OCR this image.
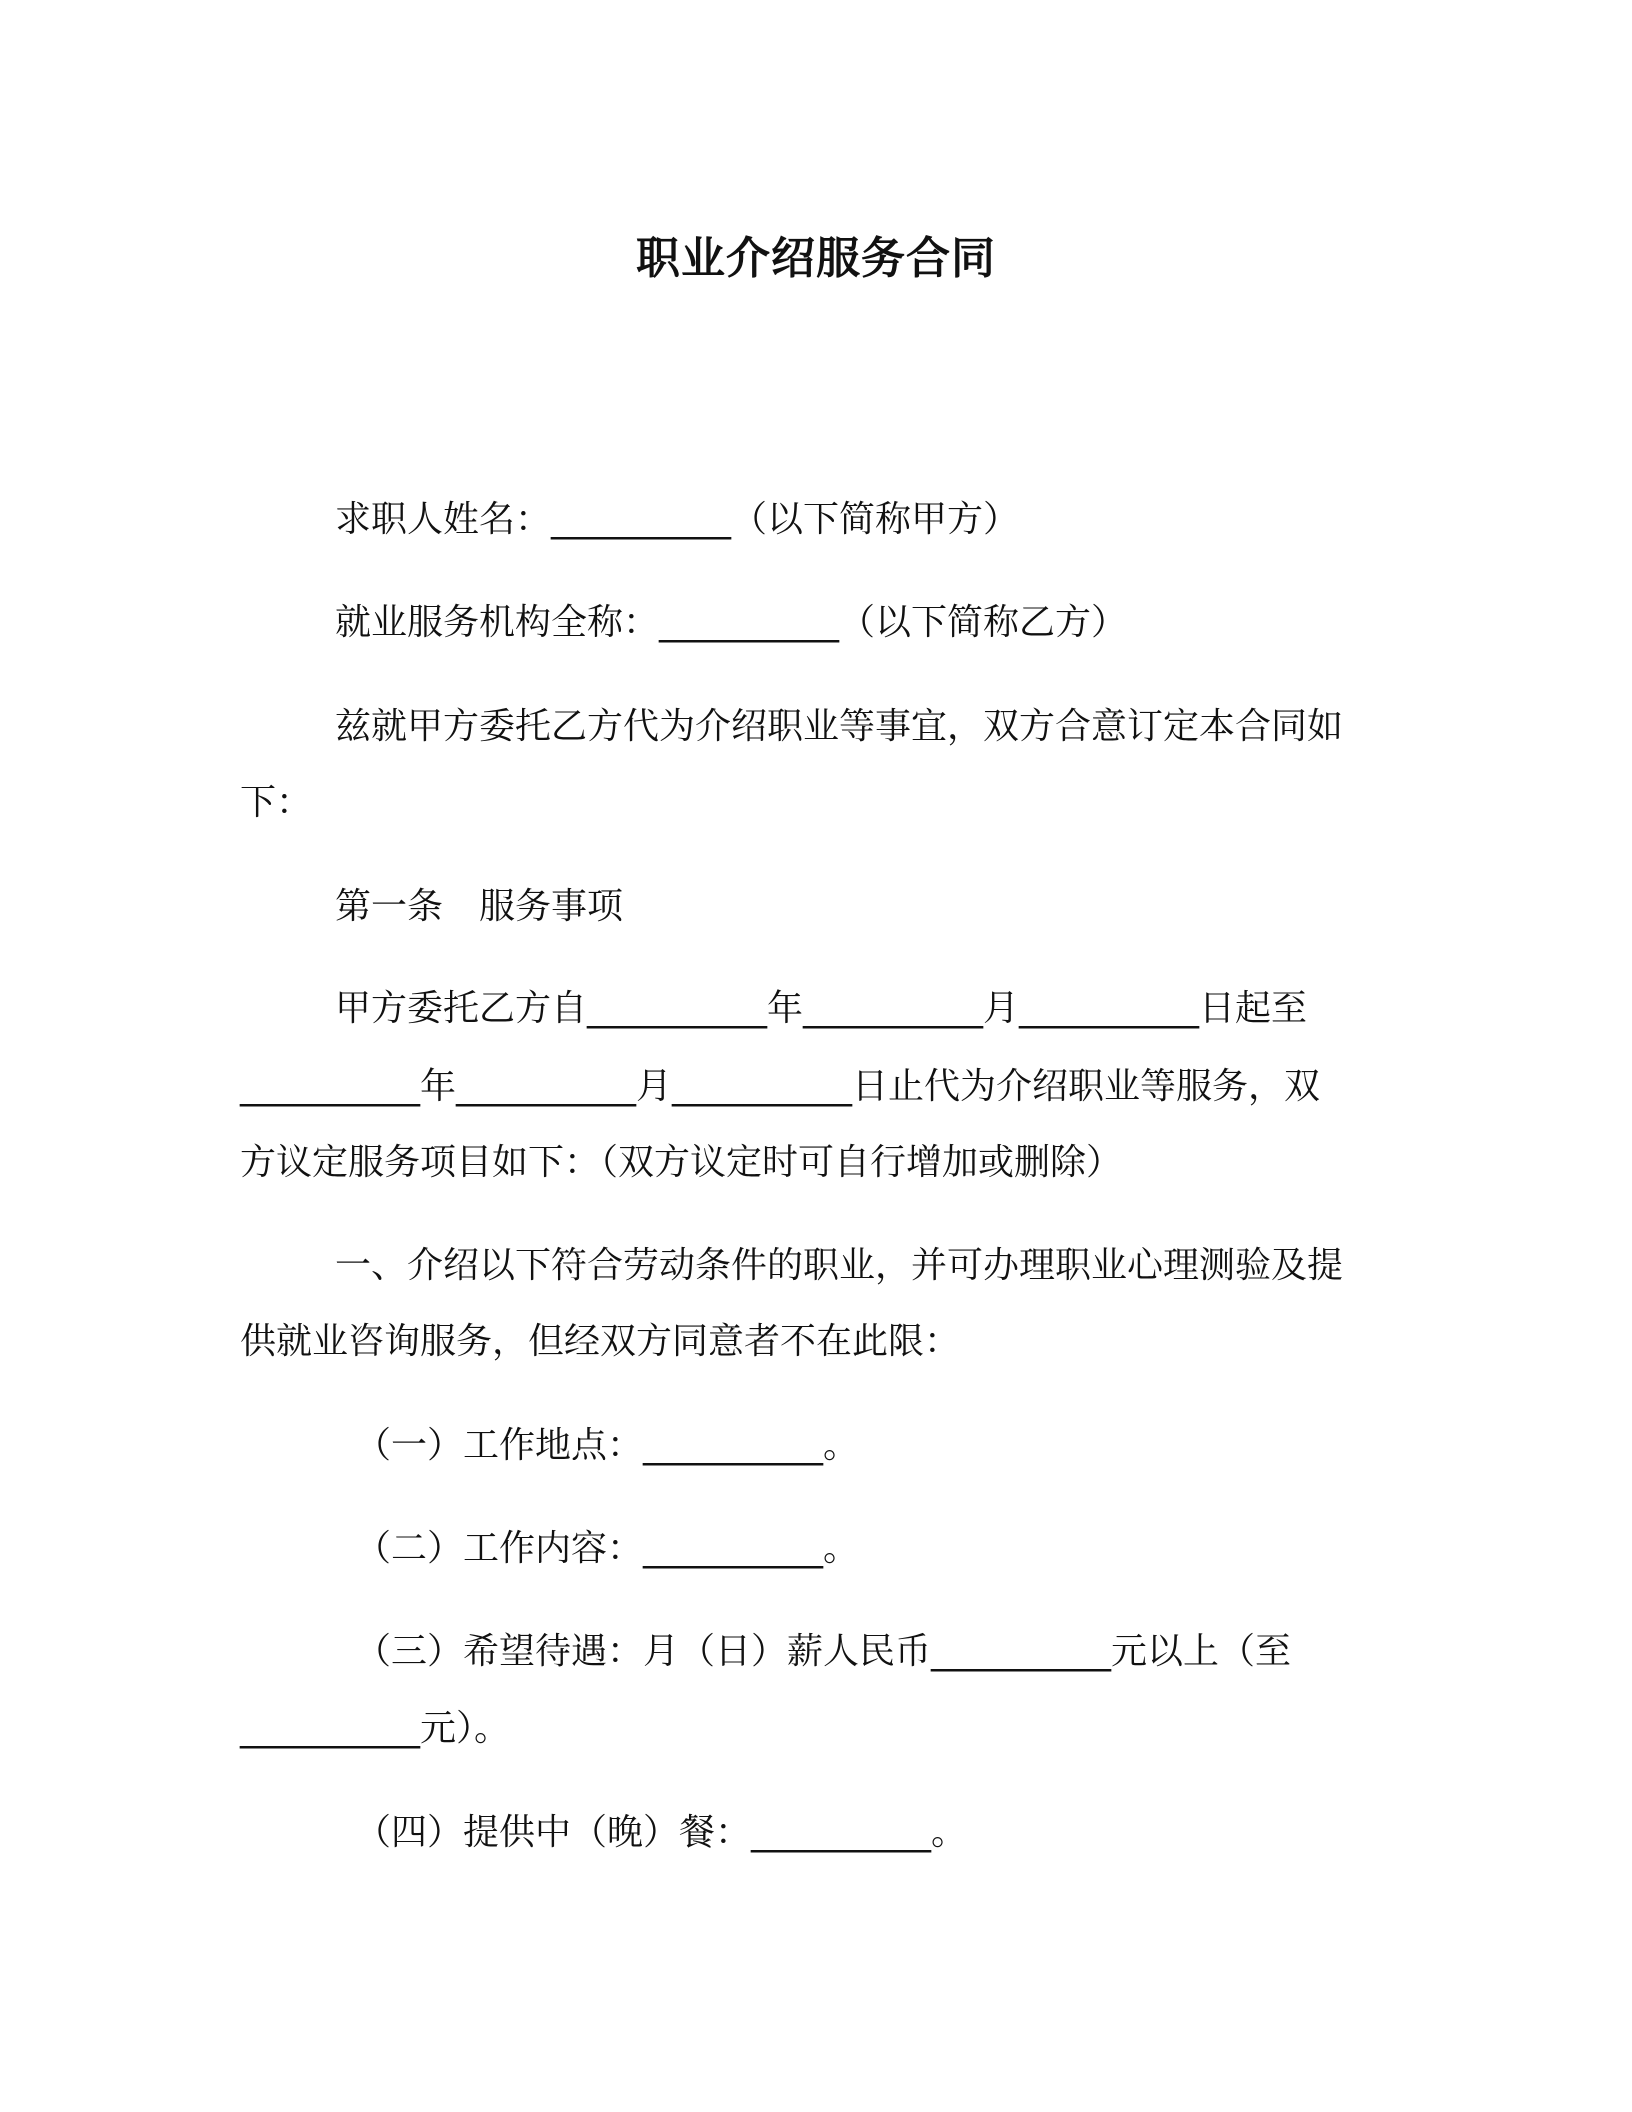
职业介绍服务合同
求职人姓名：__________（以下简称甲方）
就业服务机构全称：__________（以下简称乙方）
兹就甲方委托乙方代为介绍职业等事宜，双方合意订定本合同如
下：
第一条　服务事项
甲方委托乙方自__________年__________月__________日起至
__________年__________月__________日止代为介绍职业等服务，双
方议定服务项目如下：（双方议定时可自行增加或删除）
一、介绍以下符合劳动条件的职业，并可办理职业心理测验及提
供就业咨询服务，但经双方同意者不在此限：
（一）工作地点：__________。
（二）工作内容：__________。
（三）希望待遇：月（日）薪人民币__________元以上（至
__________元）。
（四）提供中（晚）餐：__________。
